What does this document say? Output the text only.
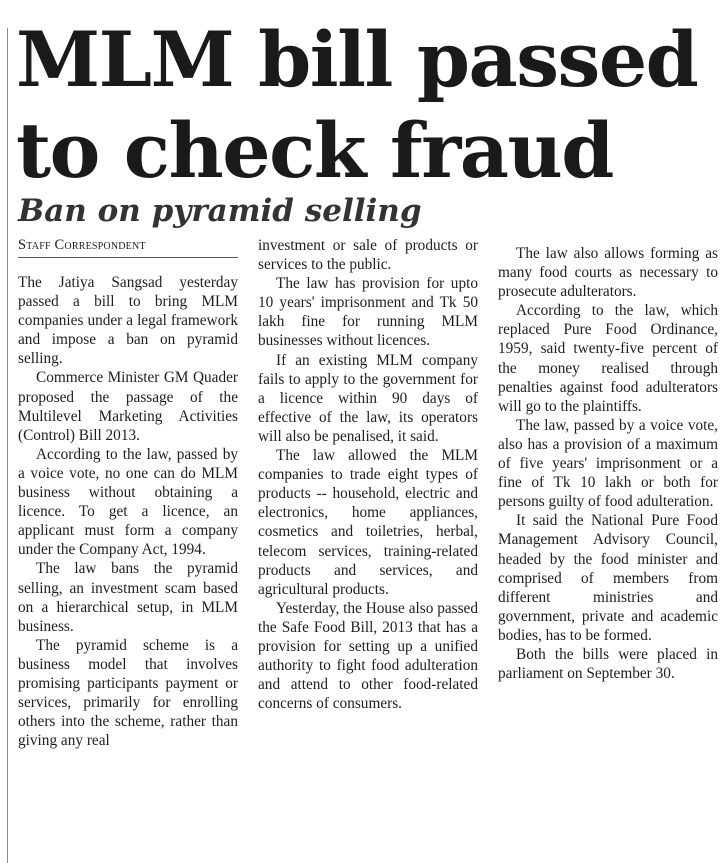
MLM bill passed
to check fraud
Ban on pyramid selling
Staff Correspondent

The Jatiya Sangsad yesterday passed a bill to bring MLM companies under a legal framework and impose a ban on pyramid selling.

Commerce Minister GM Quader proposed the passage of the Multilevel Marketing Activities (Control) Bill 2013.

According to the law, passed by a voice vote, no one can do MLM business without obtaining a licence. To get a licence, an applicant must form a company under the Company Act, 1994.

The law bans the pyramid selling, an investment scam based on a hierarchical setup, in MLM business.

The pyramid scheme is a business model that involves promising participants payment or services, primarily for enrolling others into the scheme, rather than giving any real

investment or sale of products or services to the public.

The law has provision for upto 10 years' imprisonment and Tk 50 lakh fine for running MLM businesses without licences.

If an existing MLM company fails to apply to the government for a licence within 90 days of effective of the law, its operators will also be penalised, it said.

The law allowed the MLM companies to trade eight types of products -- household, electric and electronics, home appliances, cosmetics and toiletries, herbal, telecom services, training-related products and services, and agricultural products.

Yesterday, the House also passed the Safe Food Bill, 2013 that has a provision for setting up a unified authority to fight food adulteration and attend to other food-related concerns of consumers.

The law also allows forming as many food courts as necessary to prosecute adulterators.

According to the law, which replaced Pure Food Ordinance, 1959, said twenty-five percent of the money realised through penalties against food adulterators will go to the plaintiffs.

The law, passed by a voice vote, also has a provision of a maximum of five years' imprisonment or a fine of Tk 10 lakh or both for persons guilty of food adulteration.

It said the National Pure Food Management Advisory Council, headed by the food minister and comprised of members from different ministries and government, private and academic bodies, has to be formed.

Both the bills were placed in parliament on September 30.
